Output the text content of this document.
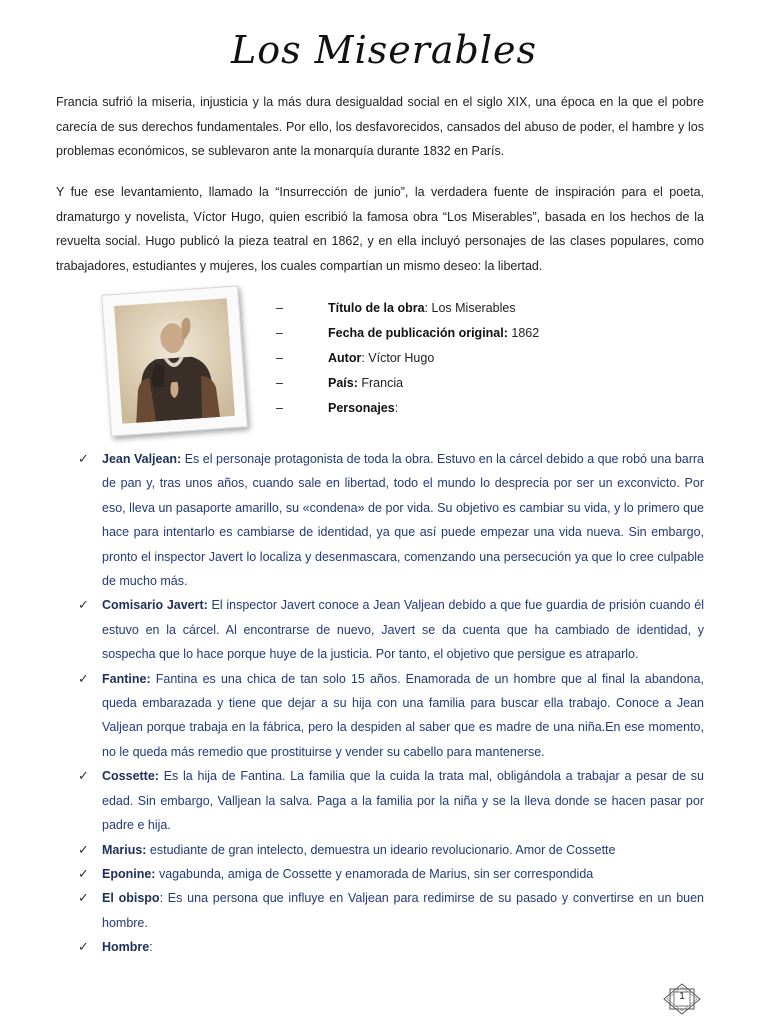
Los Miserables

Francia sufrió la miseria, injusticia y la más dura desigualdad social en el siglo XIX, una época en la que el pobre carecía de sus derechos fundamentales. Por ello, los desfavorecidos, cansados del abuso de poder, el hambre y los problemas económicos, se sublevaron ante la monarquía durante 1832 en París.

Y fue ese levantamiento, llamado la “Insurrección de junio”, la verdadera fuente de inspiración para el poeta, dramaturgo y novelista, Víctor Hugo, quien escribió la famosa obra “Los Miserables”, basada en los hechos de la revuelta social. Hugo publicó la pieza teatral en 1862, y en ella incluyó personajes de las clases populares, como trabajadores, estudiantes y mujeres, los cuales compartían un mismo deseo: la libertad.

–	Título de la obra: Los Miserables
–	Fecha de publicación original: 1862
–	Autor: Víctor Hugo
–	País: Francia
–	Personajes:
✓ Jean Valjean: Es el personaje protagonista de toda la obra. Estuvo en la cárcel debido a que robó una barra de pan y, tras unos años, cuando sale en libertad, todo el mundo lo desprecia por ser un exconvicto. Por eso, lleva un pasaporte amarillo, su «condena» de por vida. Su objetivo es cambiar su vida, y lo primero que hace para intentarlo es cambiarse de identidad, ya que así puede empezar una vida nueva. Sin embargo, pronto el inspector Javert lo localiza y desenmascara, comenzando una persecución ya que lo cree culpable de mucho más.
✓ Comisario Javert: El inspector Javert conoce a Jean Valjean debido a que fue guardia de prisión cuando él estuvo en la cárcel. Al encontrarse de nuevo, Javert se da cuenta que ha cambiado de identidad, y sospecha que lo hace porque huye de la justicia. Por tanto, el objetivo que persigue es atraparlo.
✓ Fantine: Fantina es una chica de tan solo 15 años. Enamorada de un hombre que al final la abandona, queda embarazada y tiene que dejar a su hija con una familia para buscar ella trabajo. Conoce a Jean Valjean porque trabaja en la fábrica, pero la despiden al saber que es madre de una niña.En ese momento, no le queda más remedio que prostituirse y vender su cabello para mantenerse.
✓ Cossette: Es la hija de Fantina. La familia que la cuida la trata mal, obligándola a trabajar a pesar de su edad. Sin embargo, Valljean la salva. Paga a la familia por la niña y se la lleva donde se hacen pasar por padre e hija.
✓ Marius: estudiante de gran intelecto, demuestra un ideario revolucionario. Amor de Cossette
✓ Eponine: vagabunda, amiga de Cossette y enamorada de Marius, sin ser correspondida
✓ El obispo: Es una persona que influye en Valjean para redimirse de su pasado y convertirse en un buen hombre.
✓ Hombre:
1
